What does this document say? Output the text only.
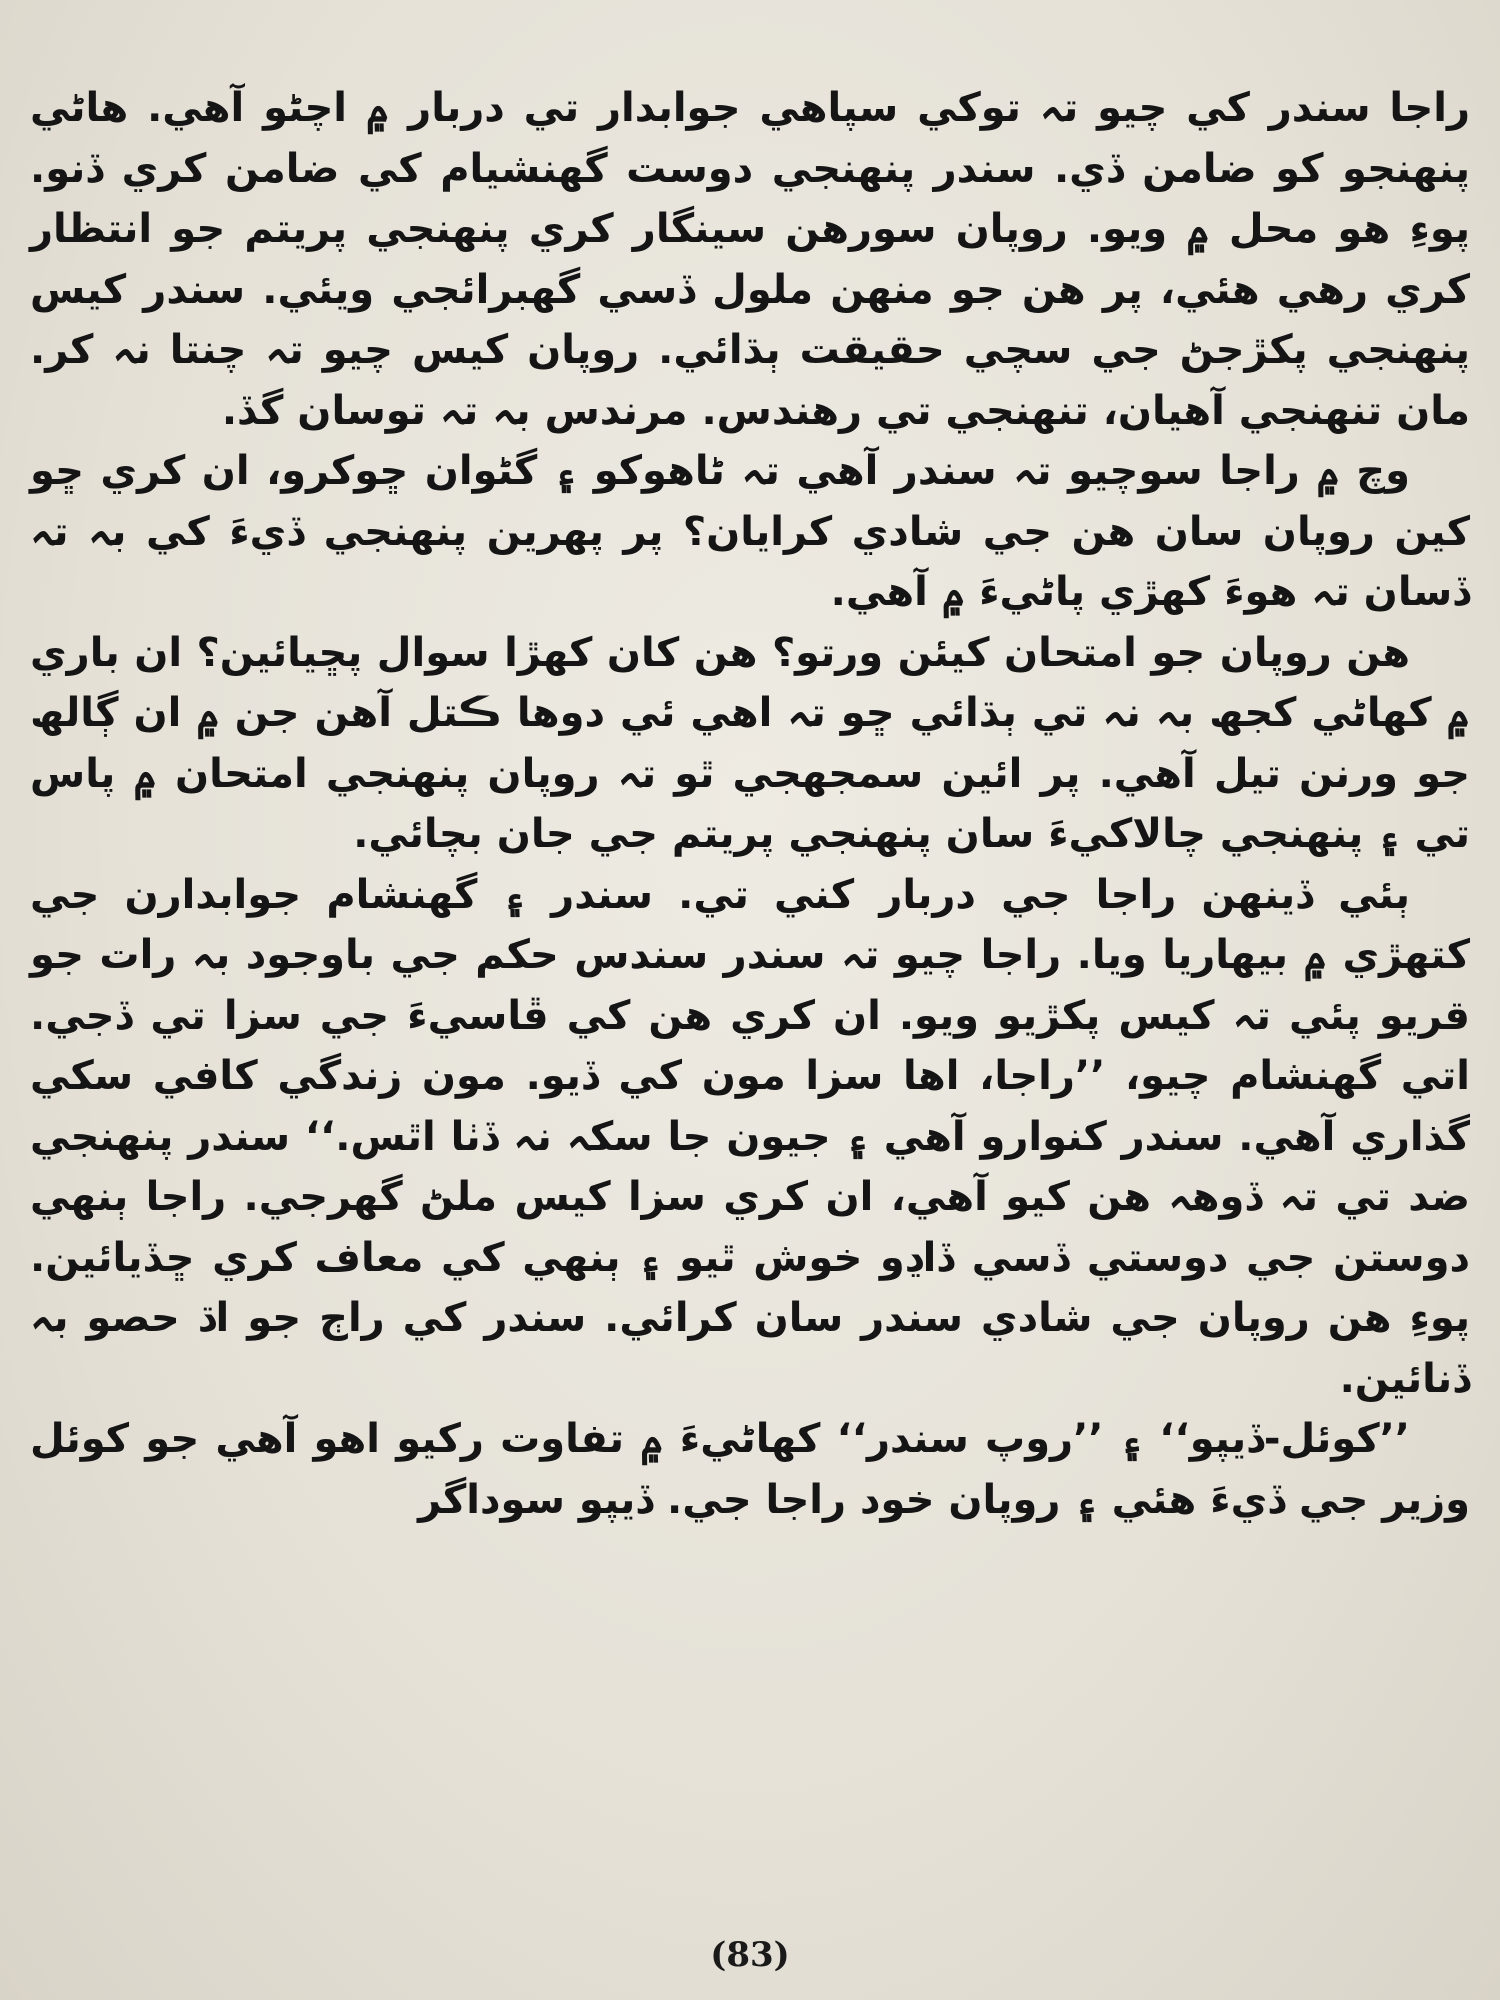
راجا سندر کي چيو تہ توکي سپاهي جوابدار تي دربار ۾ اچڻو آهي. هاڻي پنهنجو کو ضامن ڏي. سندر پنهنجي دوست گهنشيام کي ضامن کري ڏنو. پوءِ هو محل ۾ ويو. روپان سورهن سينگار کري پنهنجي پريتم جو انتظار کري رهي هئي، پر هن جو منهن ملول ڏسي گهبرائجي ويئي. سندر کيس پنهنجي پکڙجڻ جي سچي حقيقت ٻڌائي. روپان کيس چيو تہ چنتا نہ کر. مان تنهنجي آهيان، تنهنجي تي رهندس. مرندس بہ تہ توسان گڏ.

وچ ۾ راجا سوچيو تہ سندر آهي تہ ڻاهوکو ۽ گڻوان ڇوکرو، ان کري ڇو کين روپان سان هن جي شادي کرايان؟ پر پهرين پنهنجي ڏيءَ کي بہ تہ ڏسان تہ هوءَ کهڙي پاڻيءَ ۾ آهي.

هن روپان جو امتحان کيئن ورتو؟ هن کان کهڙا سوال پڇيائين؟ ان باري ۾ کهاڻي کجھ بہ نہ تي ٻڌائي ڇو تہ اهي ئي دوها ڪتل آهن جن ۾ ان ڳالھ جو ورنن تيل آهي. پر ائين سمجهجي ٿو تہ روپان پنهنجي امتحان ۾ پاس تي ۽ پنهنجي چالاکيءَ سان پنهنجي پريتم جي جان بچائي.

ٻئي ڏينهن راجا جي دربار کني تي. سندر ۽ گهنشام جوابدارن جي کتهڙي ۾ بيهاريا ويا. راجا چيو تہ سندر سندس حکم جي باوجود بہ رات جو قريو پئي تہ کيس پکڙيو ويو. ان کري هن کي ڦاسيءَ جي سزا تي ڏجي. اتي گهنشام چيو، ’’راجا، اها سزا مون کي ڏيو. مون زندگي کافي سکي گذاري آهي. سندر کنوارو آهي ۽ جيون جا سکہ نہ ڏٺا اٿس.‘‘ سندر پنهنجي ضد تي تہ ڏوھہ هن کيو آهي، ان کري سزا کيس ملڻ گهرجي. راجا ٻنهي دوستن جي دوستي ڏسي ڏاڍو خوش ٿيو ۽ ٻنهي کي معاف کري ڇڏيائين. پوءِ هن روپان جي شادي سندر سان کرائي. سندر کي راڄ جو اڌ حصو بہ ڏنائين.

’’کوئل-ڏيپو‘‘ ۽ ’’روپ سندر‘‘ کهاڻيءَ ۾ تفاوت رکيو اهو آهي جو کوئل وزير جي ڏيءَ هئي ۽ روپان خود راجا جي. ڏيپو سوداگر

(83)
